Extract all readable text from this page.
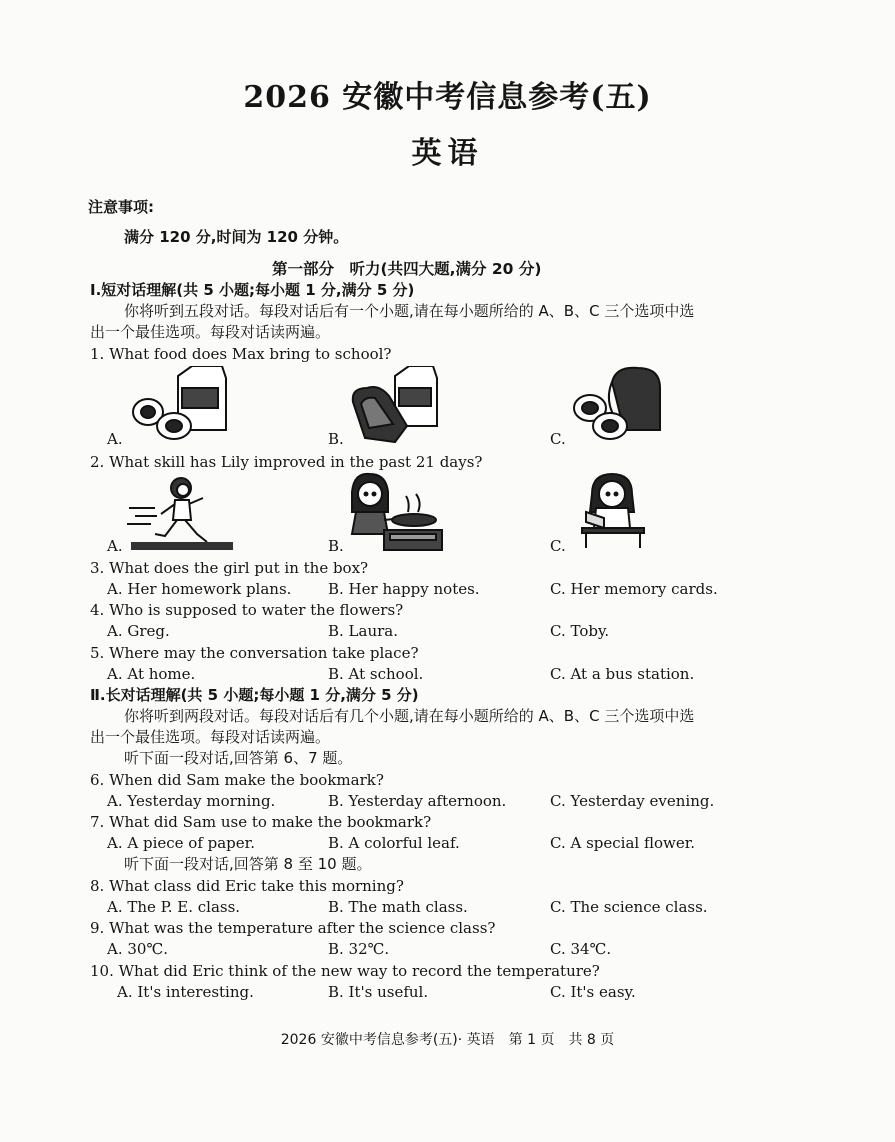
2026 安徽中考信息参考(五)
英语
注意事项:
满分 120 分,时间为 120 分钟。
第一部分　听力(共四大题,满分 20 分)
Ⅰ.短对话理解(共 5 小题;每小题 1 分,满分 5 分)
你将听到五段对话。每段对话后有一个小题,请在每小题所给的 A、B、C 三个选项中选
出一个最佳选项。每段对话读两遍。
1. What food does Max bring to school?
A.	B.	C.
2. What skill has Lily improved in the past 21 days?
A.	B.	C.
3. What does the girl put in the box?
A. Her homework plans. B. Her happy notes.	C. Her memory cards.
4. Who is supposed to water the flowers?
A. Greg.	B. Laura.	C. Toby.
5. Where may the conversation take place?
A. At home.	B. At school.	C. At a bus station.
Ⅱ.长对话理解(共 5 小题;每小题 1 分,满分 5 分)
你将听到两段对话。每段对话后有几个小题,请在每小题所给的 A、B、C 三个选项中选
出一个最佳选项。每段对话读两遍。
听下面一段对话,回答第 6、7 题。
6. When did Sam make the bookmark?
A. Yesterday morning.	B. Yesterday afternoon.	C. Yesterday evening.
7. What did Sam use to make the bookmark?
A. A piece of paper.	B. A colorful leaf.	C. A special flower.
听下面一段对话,回答第 8 至 10 题。
8. What class did Eric take this morning?
A. The P. E. class.	B. The math class.	C. The science class.
9. What was the temperature after the science class?
A. 30℃.	B. 32℃.	C. 34℃.
10. What did Eric think of the new way to record the temperature?
A. It's interesting.	B. It's useful.	C. It's easy.
2026 安徽中考信息参考(五)· 英语　第 1 页　共 8 页
